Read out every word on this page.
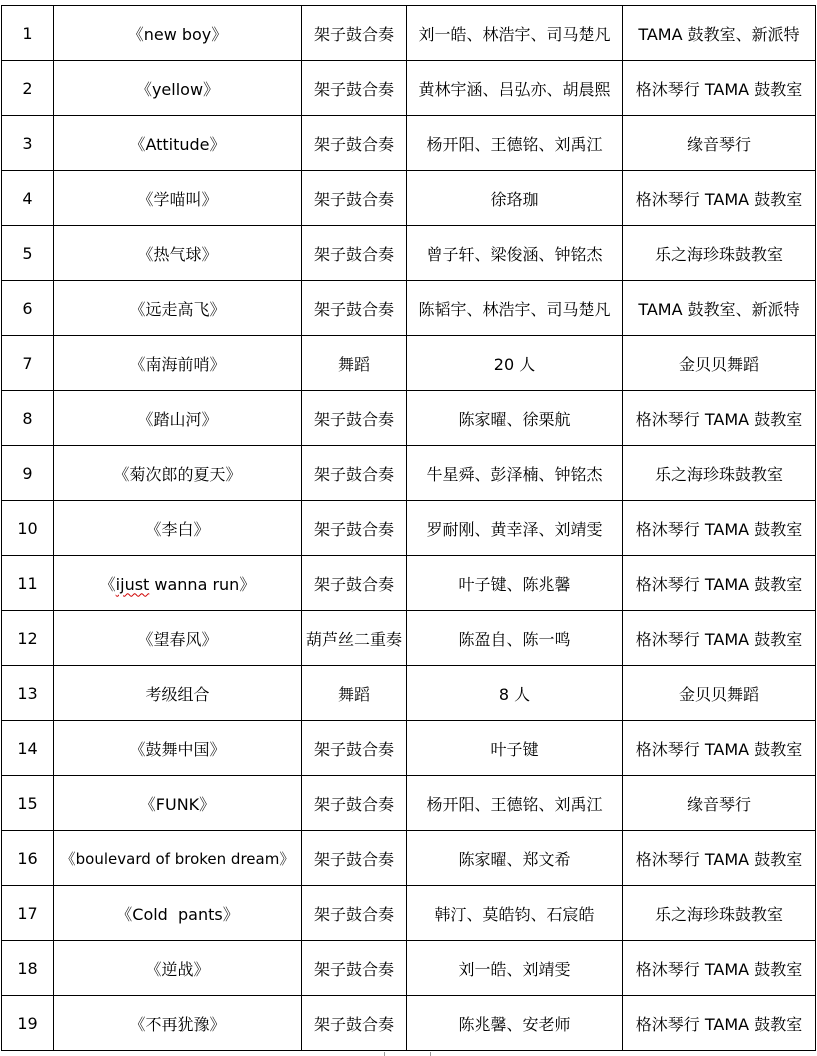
1	《new boy》	架子鼓合奏	刘一皓、林浩宇、司马楚凡	TAMA 鼓教室、新派特
2	《yellow》	架子鼓合奏	黄林宇涵、吕弘亦、胡晨熙	格沐琴行 TAMA 鼓教室
3	《Attitude》	架子鼓合奏	杨开阳、王德铭、刘禹江	缘音琴行
4	《学喵叫》	架子鼓合奏	徐珞珈	格沐琴行 TAMA 鼓教室
5	《热气球》	架子鼓合奏	曾子轩、梁俊涵、钟铭杰	乐之海珍珠鼓教室
6	《远走高飞》	架子鼓合奏	陈韬宇、林浩宇、司马楚凡	TAMA 鼓教室、新派特
7	《南海前哨》	舞蹈	20 人	金贝贝舞蹈
8	《踏山河》	架子鼓合奏	陈家曜、徐栗航	格沐琴行 TAMA 鼓教室
9	《菊次郎的夏天》	架子鼓合奏	牛星舜、彭泽楠、钟铭杰	乐之海珍珠鼓教室
10	《李白》	架子鼓合奏	罗耐刚、黄幸泽、刘靖雯	格沐琴行 TAMA 鼓教室
11	《ijust wanna run》	架子鼓合奏	叶子键、陈兆馨	格沐琴行 TAMA 鼓教室
12	《望春风》	葫芦丝二重奏	陈盈自、陈一鸣	格沐琴行 TAMA 鼓教室
13	考级组合	舞蹈	8 人	金贝贝舞蹈
14	《鼓舞中国》	架子鼓合奏	叶子键	格沐琴行 TAMA 鼓教室
15	《FUNK》	架子鼓合奏	杨开阳、王德铭、刘禹江	缘音琴行
16	《boulevard of broken dream》	架子鼓合奏	陈家曜、郑文希	格沐琴行 TAMA 鼓教室
17	《Cold  pants》	架子鼓合奏	韩汀、莫皓钧、石宸皓	乐之海珍珠鼓教室
18	《逆战》	架子鼓合奏	刘一皓、刘靖雯	格沐琴行 TAMA 鼓教室
19	《不再犹豫》	架子鼓合奏	陈兆馨、安老师	格沐琴行 TAMA 鼓教室
